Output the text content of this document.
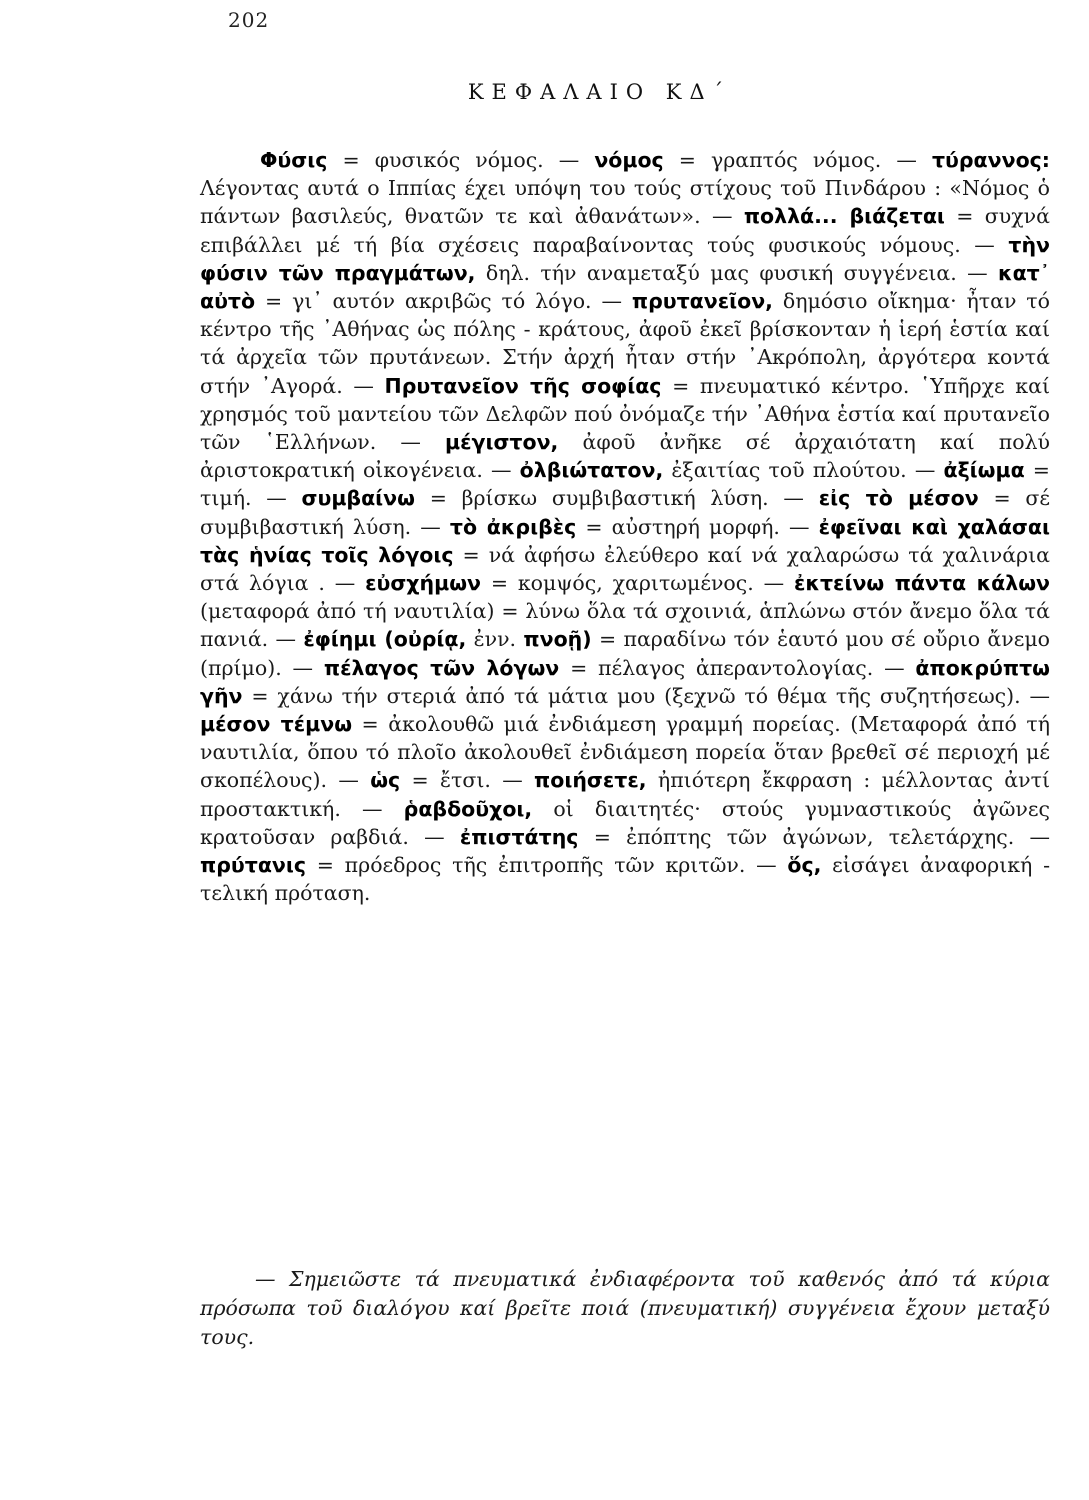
202
ΚΕΦΑΛΑΙΟ ΚΔ΄
Φύσις = φυσικός νόμος. — νόμος = γραπτός νόμος. — τύραννος: Λέγοντας αυτά ο Ιππίας έχει υπόψη του τούς στίχους τοῦ Πινδάρου : «Νόμος ὁ πάντων βασιλεύς, θνατῶν τε καὶ ἀθανάτων». — πολλά... βιάζεται = συχνά επιβάλλει μέ τή βία σχέσεις παραβαίνοντας τούς φυσικούς νόμους. — τὴν φύσιν τῶν πραγμάτων, δηλ. τήν αναμεταξύ μας φυσική συγγένεια. — κατ᾿ αὐτὸ = γι᾿ αυτόν ακριβῶς τό λόγο. — πρυτανεῖον, δημόσιο οἴκημα· ἦταν τό κέντρο τῆς ᾿Αθήνας ὡς πόλης - κράτους, ἀφοῦ ἐκεῖ βρίσκονταν ἡ ἱερή ἑστία καί τά ἀρχεῖα τῶν πρυτάνεων. Στήν ἀρχή ἦταν στήν ᾿Ακρόπολη, ἀργότερα κοντά στήν ᾿Αγορά. — Πρυτανεῖον τῆς σοφίας = πνευματικό κέντρο. ῾Υπῆρχε καί χρησμός τοῦ μαντείου τῶν Δελφῶν πού ὀνόμαζε τήν ᾿Αθήνα ἑστία καί πρυτανεῖο τῶν ῾Ελλήνων. — μέγιστον, ἀφοῦ ἀνῆκε σέ ἀρχαιότατη καί πολύ ἀριστοκρατική οἰκογένεια. — ὀλβιώτατον, ἐξαιτίας τοῦ πλούτου. — ἀξίωμα = τιμή. — συμβαίνω = βρίσκω συμβιβαστική λύση. — εἰς τὸ μέσον = σέ συμβιβαστική λύση. — τὸ ἀκριβὲς = αὐστηρή μορφή. — ἐφεῖναι καὶ χαλάσαι τὰς ἡνίας τοῖς λόγοις = νά ἀφήσω ἐλεύθερο καί νά χαλαρώσω τά χαλινάρια στά λόγια . — εὐσχήμων = κομψός, χαριτωμένος. — ἐκτείνω πάντα κάλων (μεταφορά ἀπό τή ναυτιλία) = λύνω ὅλα τά σχοινιά, ἁπλώνω στόν ἄνεμο ὅλα τά πανιά. — ἐφίημι (οὐρίᾳ, ἐνν. πνοῇ) = παραδίνω τόν ἑαυτό μου σέ οὔριο ἄνεμο (πρίμο). — πέλαγος τῶν λόγων = πέλαγος ἀπεραντολογίας. — ἀποκρύπτω γῆν = χάνω τήν στεριά ἀπό τά μάτια μου (ξεχνῶ τό θέμα τῆς συζητήσεως). — μέσον τέμνω = ἀκολουθῶ μιά ἐνδιάμεση γραμμή πορείας. (Μεταφορά ἀπό τή ναυτιλία, ὅπου τό πλοῖο ἀκολουθεῖ ἐνδιάμεση πορεία ὅταν βρεθεῖ σέ περιοχή μέ σκοπέλους). — ὡς = ἔτσι. — ποιήσετε, ἠπιότερη ἔκφραση : μέλλοντας ἀντί προστακτική. — ῥαβδοῦχοι, οἱ διαιτητές· στούς γυμναστικούς ἀγῶνες κρατοῦσαν ραβδιά. — ἐπιστάτης = ἐπόπτης τῶν ἀγώνων, τελετάρχης. — πρύτανις = πρόεδρος τῆς ἐπιτροπῆς τῶν κριτῶν. — ὅς, εἰσάγει ἀναφορική - τελική πρόταση.
— Σημειῶστε τά πνευματικά ἐνδιαφέροντα τοῦ καθενός ἀπό τά κύρια πρόσωπα τοῦ διαλόγου καί βρεῖτε ποιά (πνευματική) συγγένεια ἔχουν μεταξύ τους.
